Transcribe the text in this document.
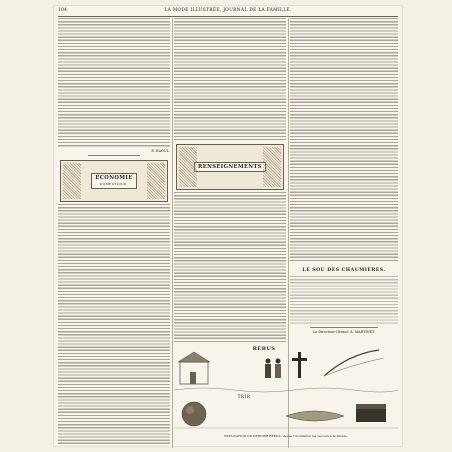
104	LA MODE ILLUSTRÉE, JOURNAL DE LA FAMILLE.
E. RAOUL.
ÉCONOMIE
DOMESTIQUE.
RENSEIGNEMENTS
LE SOU DES CHAUMIÈRES.
Le Directeur-Gérant: A. MARTINET.
RÉBUS
TRIR
EXPLICATION DU DERNIER RÉBUS : Après l'inondation les secours à la misère.
